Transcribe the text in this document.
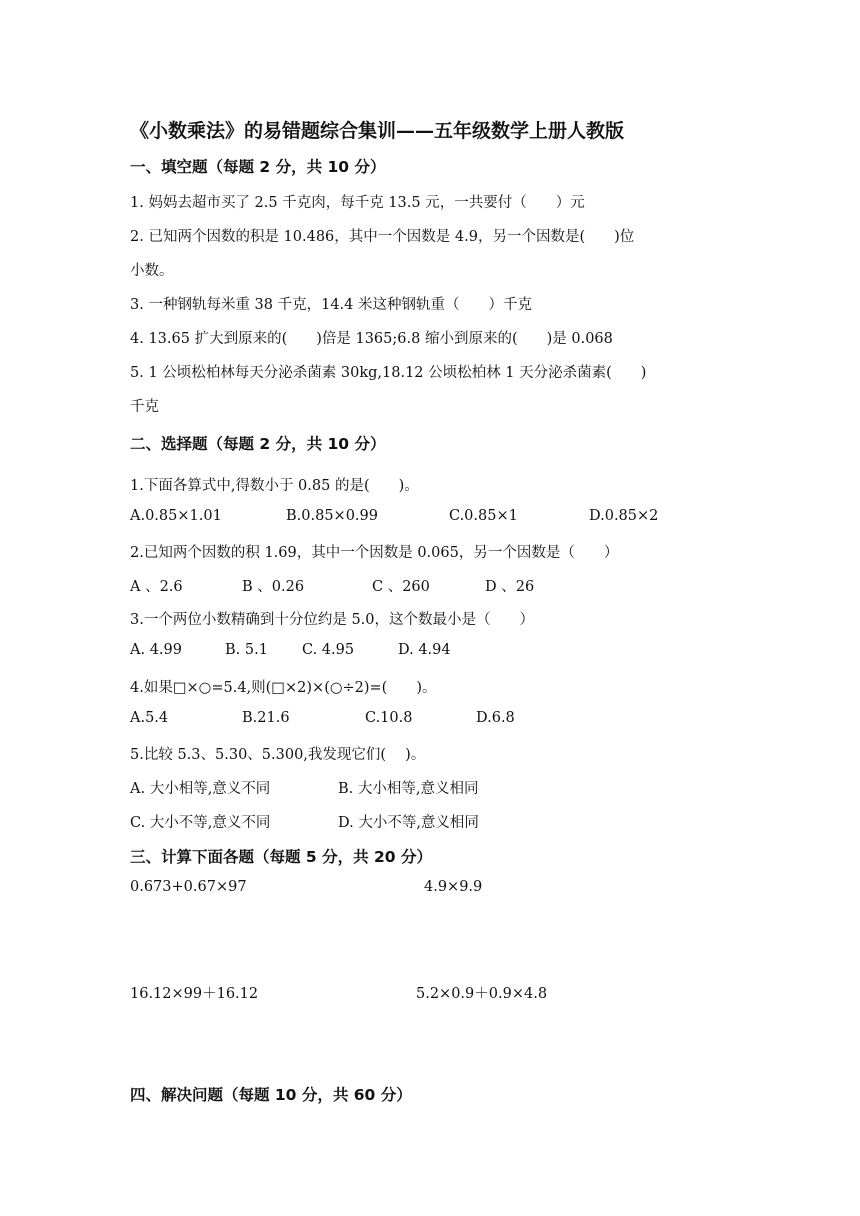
《小数乘法》的易错题综合集训——五年级数学上册人教版
一、填空题（每题 2 分，共 10 分）
1. 妈妈去超市买了 2.5 千克肉，每千克 13.5 元，一共要付（　　）元
2. 已知两个因数的积是 10.486，其中一个因数是 4.9，另一个因数是(　　)位
小数。
3. 一种钢轨每米重 38 千克，14.4 米这种钢轨重（　　）千克
4. 13.65 扩大到原来的(　　)倍是 1365;6.8 缩小到原来的(　　)是 0.068
5. 1 公顷松柏林每天分泌杀菌素 30kg,18.12 公顷松柏林 1 天分泌杀菌素(　　)
千克
二、选择题（每题 2 分，共 10 分）
1.下面各算式中,得数小于 0.85 的是(　　)。
A.0.85×1.01	B.0.85×0.99	C.0.85×1	D.0.85×2
2.已知两个因数的积 1.69，其中一个因数是 0.065，另一个因数是（　　）
A 、2.6	B 、0.26	C 、260	D 、26
3.一个两位小数精确到十分位约是 5.0，这个数最小是（　　）
A. 4.99	B. 5.1 C. 4.95	D. 4.94
4.如果□×○=5.4,则(□×2)×(○÷2)=(　　)。
A.5.4	B.21.6	C.10.8	D.6.8
5.比较 5.3、5.30、5.300,我发现它们(　 )。
A. 大小相等,意义不同	B. 大小相等,意义相同
C. 大小不等,意义不同	D. 大小不等,意义相同
三、计算下面各题（每题 5 分，共 20 分）
0.673+0.67×97	4.9×9.9
16.12×99＋16.12	5.2×0.9＋0.9×4.8
四、解决问题（每题 10 分，共 60 分）
